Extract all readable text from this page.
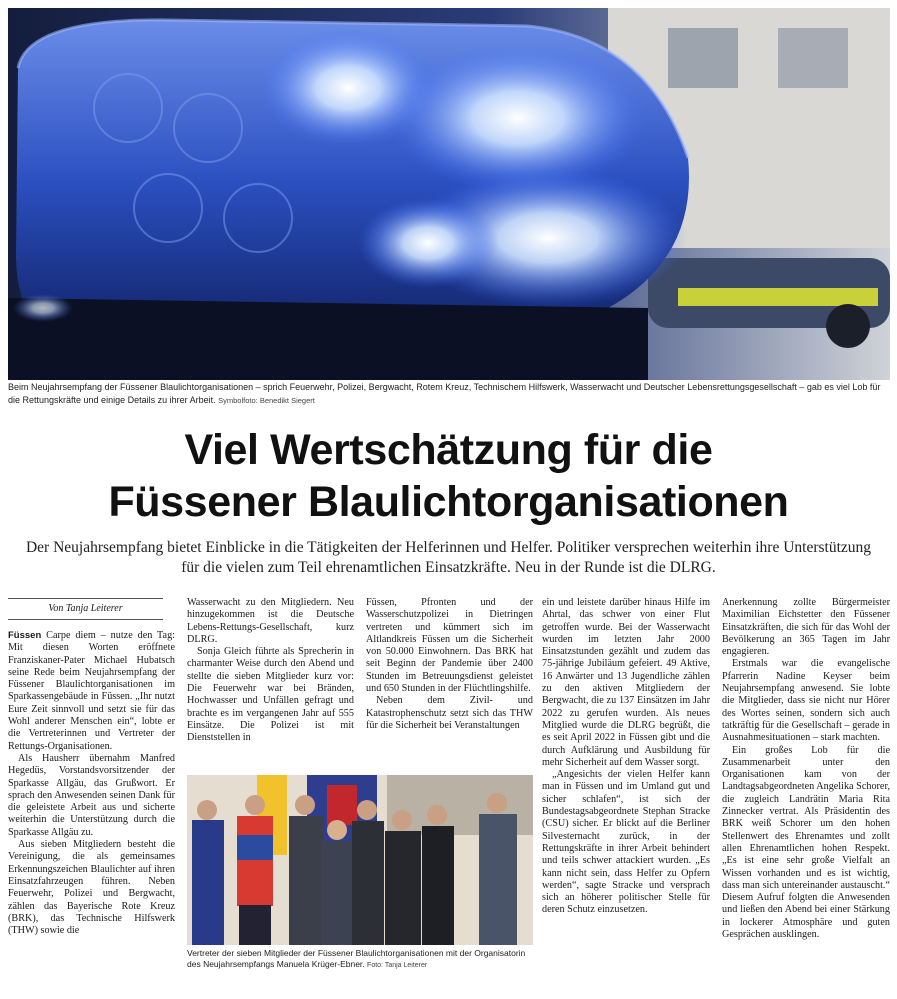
Beim Neujahrsempfang der Füssener Blaulichtorganisationen – sprich Feuerwehr, Polizei, Bergwacht, Rotem Kreuz, Technischem Hilfswerk, Wasserwacht und Deutscher Lebensrettungsgesellschaft – gab es viel Lob für die Rettungskräfte und einige Details zu ihrer Arbeit. Symbolfoto: Benedikt Siegert
Viel Wertschätzung für die
Füssener Blaulichtorganisationen

Der Neujahrsempfang bietet Einblicke in die Tätigkeiten der Helferinnen und Helfer. Politiker versprechen weiterhin ihre Unterstützung für die vielen zum Teil ehrenamtlichen Einsatzkräfte. Neu in der Runde ist die DLRG.

Von Tanja Leiterer

Füssen Carpe diem – nutze den Tag: Mit diesen Worten eröffnete Franziskaner-Pater Michael Hubatsch seine Rede beim Neujahrsempfang der Füssener Blaulichtorganisationen im Sparkassengebäude in Füssen. „Ihr nutzt Eure Zeit sinnvoll und setzt sie für das Wohl anderer Menschen ein“, lobte er die Vertreterinnen und Vertreter der Rettungs-Organisationen.

Als Hausherr übernahm Manfred Hegedüs, Vorstandsvorsitzender der Sparkasse Allgäu, das Grußwort. Er sprach den Anwesenden seinen Dank für die geleistete Arbeit aus und sicherte weiterhin die Unterstützung durch die Sparkasse Allgäu zu.

Aus sieben Mitgliedern besteht die Vereinigung, die als gemeinsames Erkennungszeichen Blaulichter auf ihren Einsatzfahrzeugen führen. Neben Feuerwehr, Polizei und Bergwacht, zählen das Bayerische Rote Kreuz (BRK), das Technische Hilfswerk (THW) sowie die

Wasserwacht zu den Mitgliedern. Neu hinzugekommen ist die Deutsche Lebens-Rettungs-Gesellschaft, kurz DLRG.

Sonja Gleich führte als Sprecherin in charmanter Weise durch den Abend und stellte die sieben Mitglieder kurz vor: Die Feuerwehr war bei Bränden, Hochwasser und Unfällen gefragt und brachte es im vergangenen Jahr auf 555 Einsätze. Die Polizei ist mit Dienststellen in

Füssen, Pfronten und der Wasserschutzpolizei in Dietringen vertreten und kümmert sich im Altlandkreis Füssen um die Sicherheit von 50.000 Einwohnern. Das BRK hat seit Beginn der Pandemie über 2400 Stunden im Betreuungsdienst geleistet und 650 Stunden in der Flüchtlingshilfe.

Neben dem Zivil- und Katastrophenschutz setzt sich das THW für die Sicherheit bei Veranstaltungen

ein und leistete darüber hinaus Hilfe im Ahrtal, das schwer von einer Flut getroffen wurde. Bei der Wasserwacht wurden im letzten Jahr 2000 Einsatzstunden gezählt und zudem das 75-jährige Jubiläum gefeiert. 49 Aktive, 16 Anwärter und 13 Jugendliche zählen zu den aktiven Mitgliedern der Bergwacht, die zu 137 Einsätzen im Jahr 2022 zu gerufen wurden. Als neues Mitglied wurde die DLRG begrüßt, die es seit April 2022 in Füssen gibt und die durch Aufklärung und Ausbildung für mehr Sicherheit auf dem Wasser sorgt.

„Angesichts der vielen Helfer kann man in Füssen und im Umland gut und sicher schlafen“, ist sich der Bundestagsabgeordnete Stephan Stracke (CSU) sicher. Er blickt auf die Berliner Silvesternacht zurück, in der Rettungskräfte in ihrer Arbeit behindert und teils schwer attackiert wurden. „Es kann nicht sein, dass Helfer zu Opfern werden“, sagte Stracke und versprach sich an höherer politischer Stelle für deren Schutz einzusetzen.

Anerkennung zollte Bürgermeister Maximilian Eichstetter den Füssener Einsatzkräften, die sich für das Wohl der Bevölkerung an 365 Tagen im Jahr engagieren.

Erstmals war die evangelische Pfarrerin Nadine Keyser beim Neujahrsempfang anwesend. Sie lobte die Mitglieder, dass sie nicht nur Hörer des Wortes seinen, sondern sich auch tatkräftig für die Gesellschaft – gerade in Ausnahmesituationen – stark machten.

Ein großes Lob für die Zusammenarbeit unter den Organisationen kam von der Landtagsabgeordneten Angelika Schorer, die zugleich Landrätin Maria Rita Zinnecker vertrat. Als Präsidentin des BRK weiß Schorer um den hohen Stellenwert des Ehrenamtes und zollt allen Ehrenamtlichen hohen Respekt. „Es ist eine sehr große Vielfalt an Wissen vorhanden und es ist wichtig, dass man sich untereinander austauscht.“ Diesem Aufruf folgten die Anwesenden und ließen den Abend bei einer Stärkung in lockerer Atmosphäre und guten Gesprächen ausklingen.

Vertreter der sieben Mitglieder der Füssener Blaulichtorganisationen mit der Organisatorin des Neujahrsempfangs Manuela Krüger-Ebner. Foto: Tanja Leiterer
